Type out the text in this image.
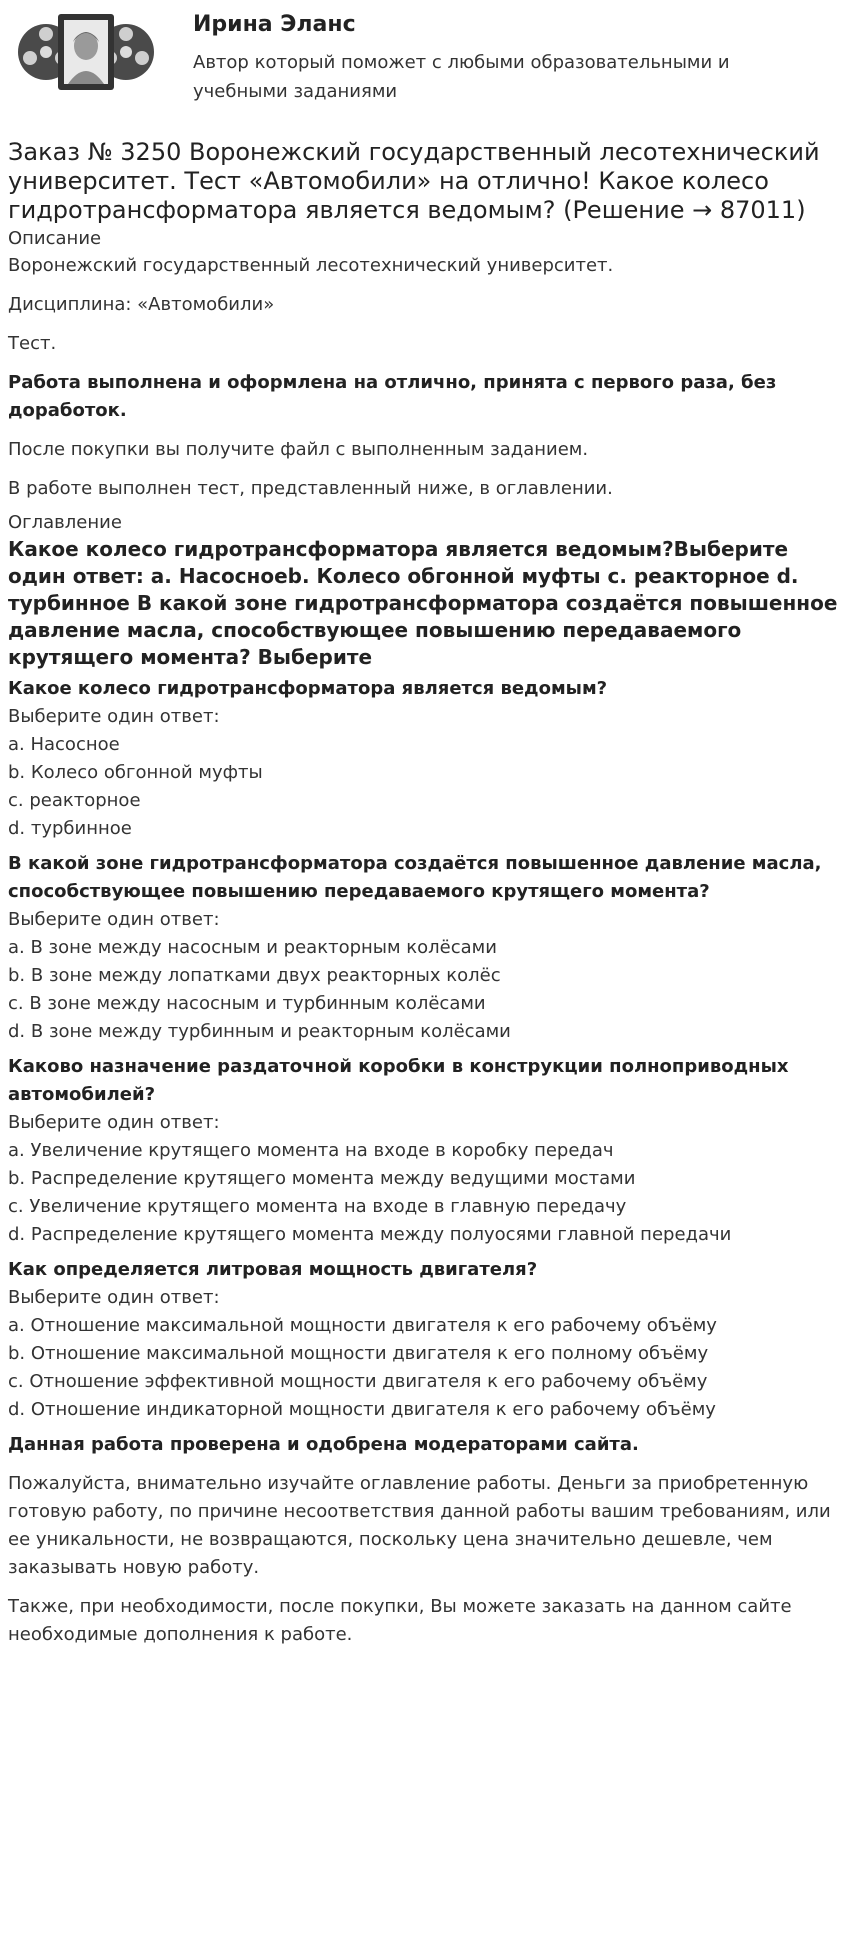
Ирина Эланс
Автор который поможет с любыми образовательными и учебными заданиями
Заказ № 3250 Воронежский государственный лесотехнический университет. Тест «Автомобили» на отлично! Какое колесо гидротрансформатора является ведомым? (Решение → 87011)
Описание

Воронежский государственный лесотехнический университет.

Дисциплина: «Автомобили»

Тест.

Работа выполнена и оформлена на отлично, принята с первого раза, без доработок.

После покупки вы получите файл с выполненным заданием.

В работе выполнен тест, представленный ниже, в оглавлении.

Оглавление
Какое колесо гидротрансформатора является ведомым?Выберите один ответ: a. Насосноеb. Колесо обгонной муфты c. реакторное d. турбинное В какой зоне гидротрансформатора создаётся повышенное давление масла, способствующее повышению передаваемого крутящего момента? Выберите
Какое колесо гидротрансформатора является ведомым?

Выберите один ответ:

a. Насосное

b. Колесо обгонной муфты

c. реакторное

d. турбинное

В какой зоне гидротрансформатора создаётся повышенное давление масла, способствующее повышению передаваемого крутящего момента?

Выберите один ответ:

a. В зоне между насосным и реакторным колёсами

b. В зоне между лопатками двух реакторных колёс

c. В зоне между насосным и турбинным колёсами

d. В зоне между турбинным и реакторным колёсами

Каково назначение раздаточной коробки в конструкции полноприводных автомобилей?

Выберите один ответ:

a. Увеличение крутящего момента на входе в коробку передач

b. Распределение крутящего момента между ведущими мостами

c. Увеличение крутящего момента на входе в главную передачу

d. Распределение крутящего момента между полуосями главной передачи

Как определяется литровая мощность двигателя?

Выберите один ответ:

a. Отношение максимальной мощности двигателя к его рабочему объёму

b. Отношение максимальной мощности двигателя к его полному объёму

c. Отношение эффективной мощности двигателя к его рабочему объёму

d. Отношение индикаторной мощности двигателя к его рабочему объёму

Данная работа проверена и одобрена модераторами сайта.

Пожалуйста, внимательно изучайте оглавление работы. Деньги за приобретенную готовую работу, по причине несоответствия данной работы вашим требованиям, или ее уникальности, не возвращаются, поскольку цена значительно дешевле, чем заказывать новую работу.

Также, при необходимости, после покупки, Вы можете заказать на данном сайте необходимые дополнения к работе.
